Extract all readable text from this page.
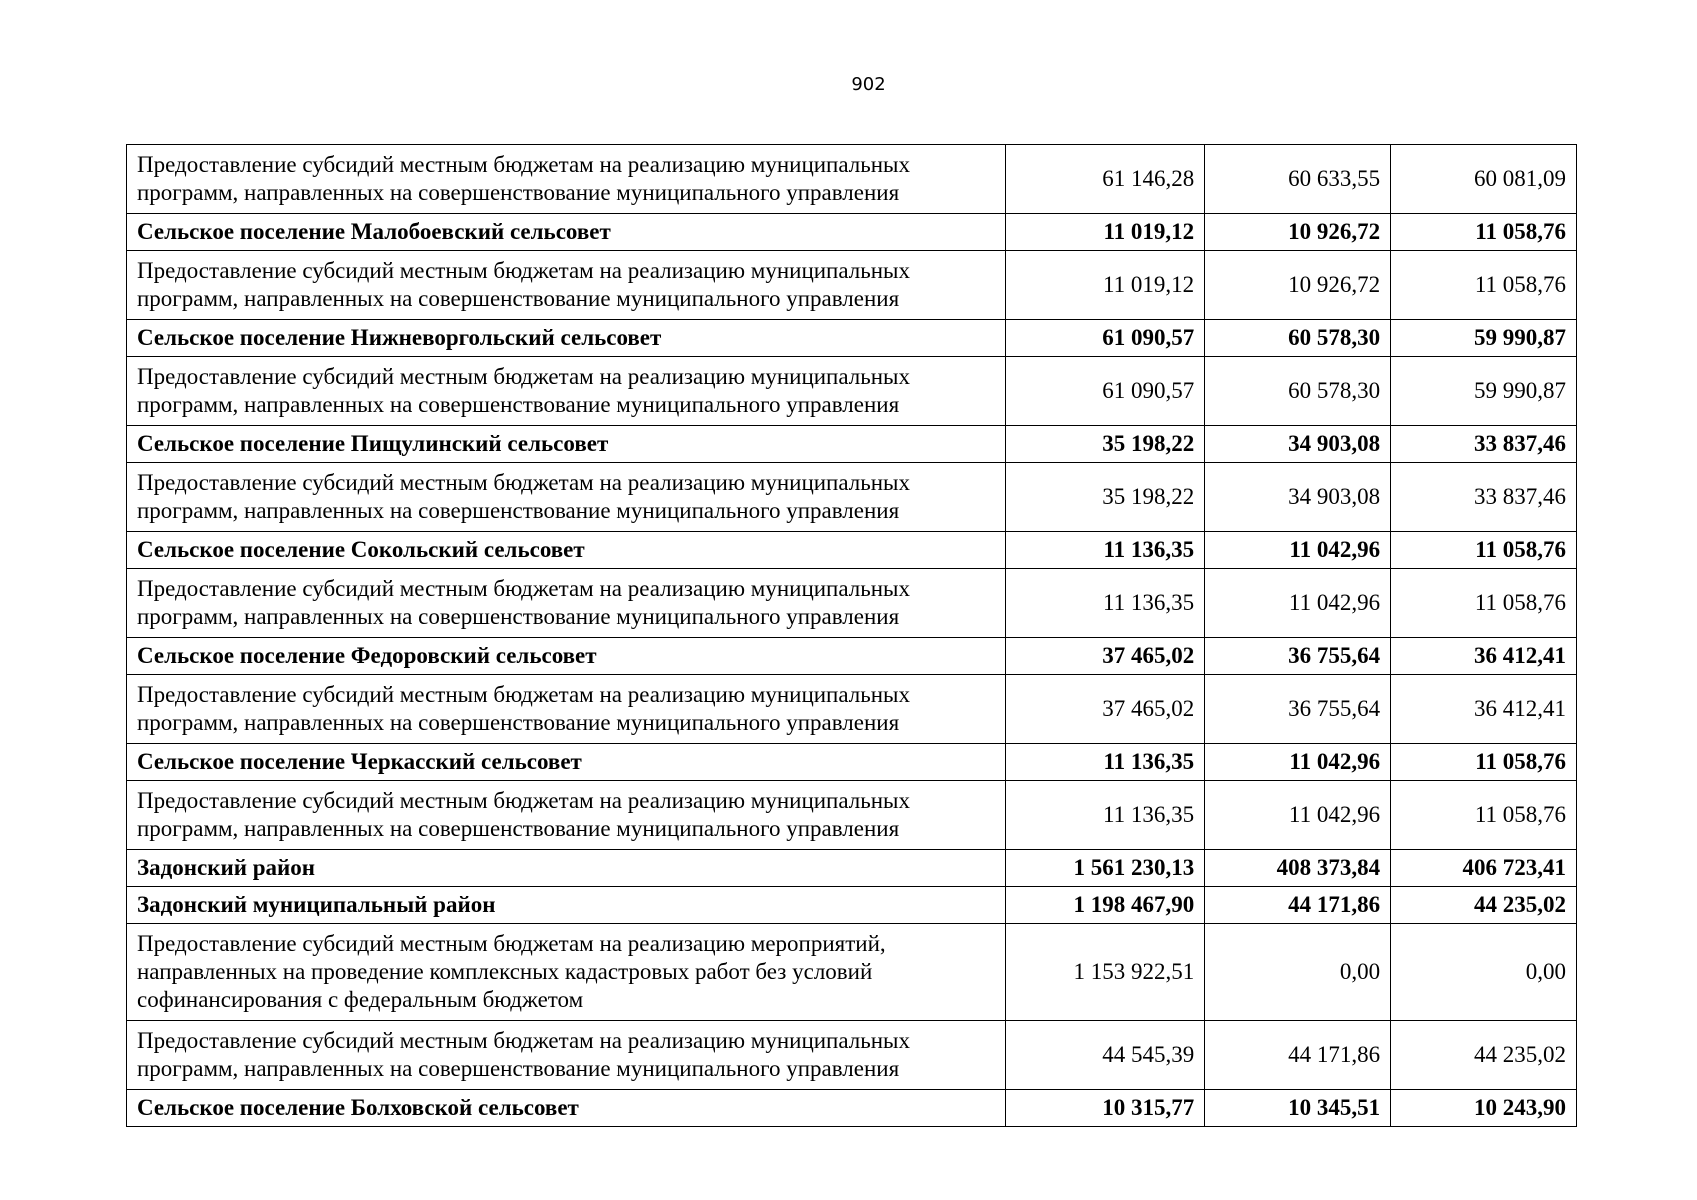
902
Предоставление субсидий местным бюджетам на реализацию муниципальных программ, направленных на совершенствование муниципального управления	61 146,28	60 633,55	60 081,09
Сельское поселение Малобоевский сельсовет	11 019,12	10 926,72	11 058,76
Предоставление субсидий местным бюджетам на реализацию муниципальных программ, направленных на совершенствование муниципального управления	11 019,12	10 926,72	11 058,76
Сельское поселение Нижневоргольский сельсовет	61 090,57	60 578,30	59 990,87
Предоставление субсидий местным бюджетам на реализацию муниципальных программ, направленных на совершенствование муниципального управления	61 090,57	60 578,30	59 990,87
Сельское поселение Пищулинский сельсовет	35 198,22	34 903,08	33 837,46
Предоставление субсидий местным бюджетам на реализацию муниципальных программ, направленных на совершенствование муниципального управления	35 198,22	34 903,08	33 837,46
Сельское поселение Сокольский сельсовет	11 136,35	11 042,96	11 058,76
Предоставление субсидий местным бюджетам на реализацию муниципальных программ, направленных на совершенствование муниципального управления	11 136,35	11 042,96	11 058,76
Сельское поселение Федоровский сельсовет	37 465,02	36 755,64	36 412,41
Предоставление субсидий местным бюджетам на реализацию муниципальных программ, направленных на совершенствование муниципального управления	37 465,02	36 755,64	36 412,41
Сельское поселение Черкасский сельсовет	11 136,35	11 042,96	11 058,76
Предоставление субсидий местным бюджетам на реализацию муниципальных программ, направленных на совершенствование муниципального управления	11 136,35	11 042,96	11 058,76
Задонский район	1 561 230,13	408 373,84	406 723,41
Задонский муниципальный район	1 198 467,90	44 171,86	44 235,02
Предоставление субсидий местным бюджетам на реализацию мероприятий, направленных на проведение комплексных кадастровых работ без условий софинансирования с федеральным бюджетом	1 153 922,51	0,00	0,00
Предоставление субсидий местным бюджетам на реализацию муниципальных программ, направленных на совершенствование муниципального управления	44 545,39	44 171,86	44 235,02
Сельское поселение Болховской сельсовет	10 315,77	10 345,51	10 243,90
